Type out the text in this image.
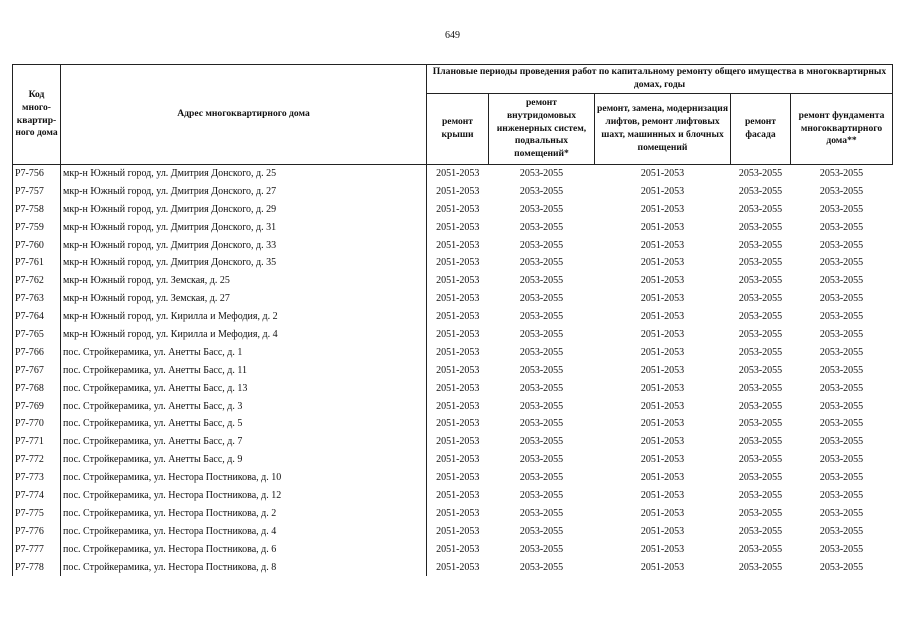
649
Код много-квартир-ного дома	Адрес многоквартирного дома	Плановые периоды проведения работ по капитальному ремонту общего имущества в многоквартирных домах, годы				
		ремонт крыши	ремонт внутридомовых инженерных систем, подвальных помещений*	ремонт, замена, модернизация лифтов, ремонт лифтовых шахт, машинных и блочных помещений	ремонт фасада	ремонт фундамента многоквартирного дома**
Р7-756	мкр-н Южный город, ул. Дмитрия Донского, д. 25	2051-2053	2053-2055	2051-2053	2053-2055	2053-2055
Р7-757	мкр-н Южный город, ул. Дмитрия Донского, д. 27	2051-2053	2053-2055	2051-2053	2053-2055	2053-2055
Р7-758	мкр-н Южный город, ул. Дмитрия Донского, д. 29	2051-2053	2053-2055	2051-2053	2053-2055	2053-2055
Р7-759	мкр-н Южный город, ул. Дмитрия Донского, д. 31	2051-2053	2053-2055	2051-2053	2053-2055	2053-2055
Р7-760	мкр-н Южный город, ул. Дмитрия Донского, д. 33	2051-2053	2053-2055	2051-2053	2053-2055	2053-2055
Р7-761	мкр-н Южный город, ул. Дмитрия Донского, д. 35	2051-2053	2053-2055	2051-2053	2053-2055	2053-2055
Р7-762	мкр-н Южный город, ул. Земская, д. 25	2051-2053	2053-2055	2051-2053	2053-2055	2053-2055
Р7-763	мкр-н Южный город, ул. Земская, д. 27	2051-2053	2053-2055	2051-2053	2053-2055	2053-2055
Р7-764	мкр-н Южный город, ул. Кирилла и Мефодия, д. 2	2051-2053	2053-2055	2051-2053	2053-2055	2053-2055
Р7-765	мкр-н Южный город, ул. Кирилла и Мефодия, д. 4	2051-2053	2053-2055	2051-2053	2053-2055	2053-2055
Р7-766	пос. Стройкерамика, ул. Анетты Басс, д. 1	2051-2053	2053-2055	2051-2053	2053-2055	2053-2055
Р7-767	пос. Стройкерамика, ул. Анетты Басс, д. 11	2051-2053	2053-2055	2051-2053	2053-2055	2053-2055
Р7-768	пос. Стройкерамика, ул. Анетты Басс, д. 13	2051-2053	2053-2055	2051-2053	2053-2055	2053-2055
Р7-769	пос. Стройкерамика, ул. Анетты Басс, д. 3	2051-2053	2053-2055	2051-2053	2053-2055	2053-2055
Р7-770	пос. Стройкерамика, ул. Анетты Басс, д. 5	2051-2053	2053-2055	2051-2053	2053-2055	2053-2055
Р7-771	пос. Стройкерамика, ул. Анетты Басс, д. 7	2051-2053	2053-2055	2051-2053	2053-2055	2053-2055
Р7-772	пос. Стройкерамика, ул. Анетты Басс, д. 9	2051-2053	2053-2055	2051-2053	2053-2055	2053-2055
Р7-773	пос. Стройкерамика, ул. Нестора Постникова, д. 10	2051-2053	2053-2055	2051-2053	2053-2055	2053-2055
Р7-774	пос. Стройкерамика, ул. Нестора Постникова, д. 12	2051-2053	2053-2055	2051-2053	2053-2055	2053-2055
Р7-775	пос. Стройкерамика, ул. Нестора Постникова, д. 2	2051-2053	2053-2055	2051-2053	2053-2055	2053-2055
Р7-776	пос. Стройкерамика, ул. Нестора Постникова, д. 4	2051-2053	2053-2055	2051-2053	2053-2055	2053-2055
Р7-777	пос. Стройкерамика, ул. Нестора Постникова, д. 6	2051-2053	2053-2055	2051-2053	2053-2055	2053-2055
Р7-778	пос. Стройкерамика, ул. Нестора Постникова, д. 8	2051-2053	2053-2055	2051-2053	2053-2055	2053-2055
